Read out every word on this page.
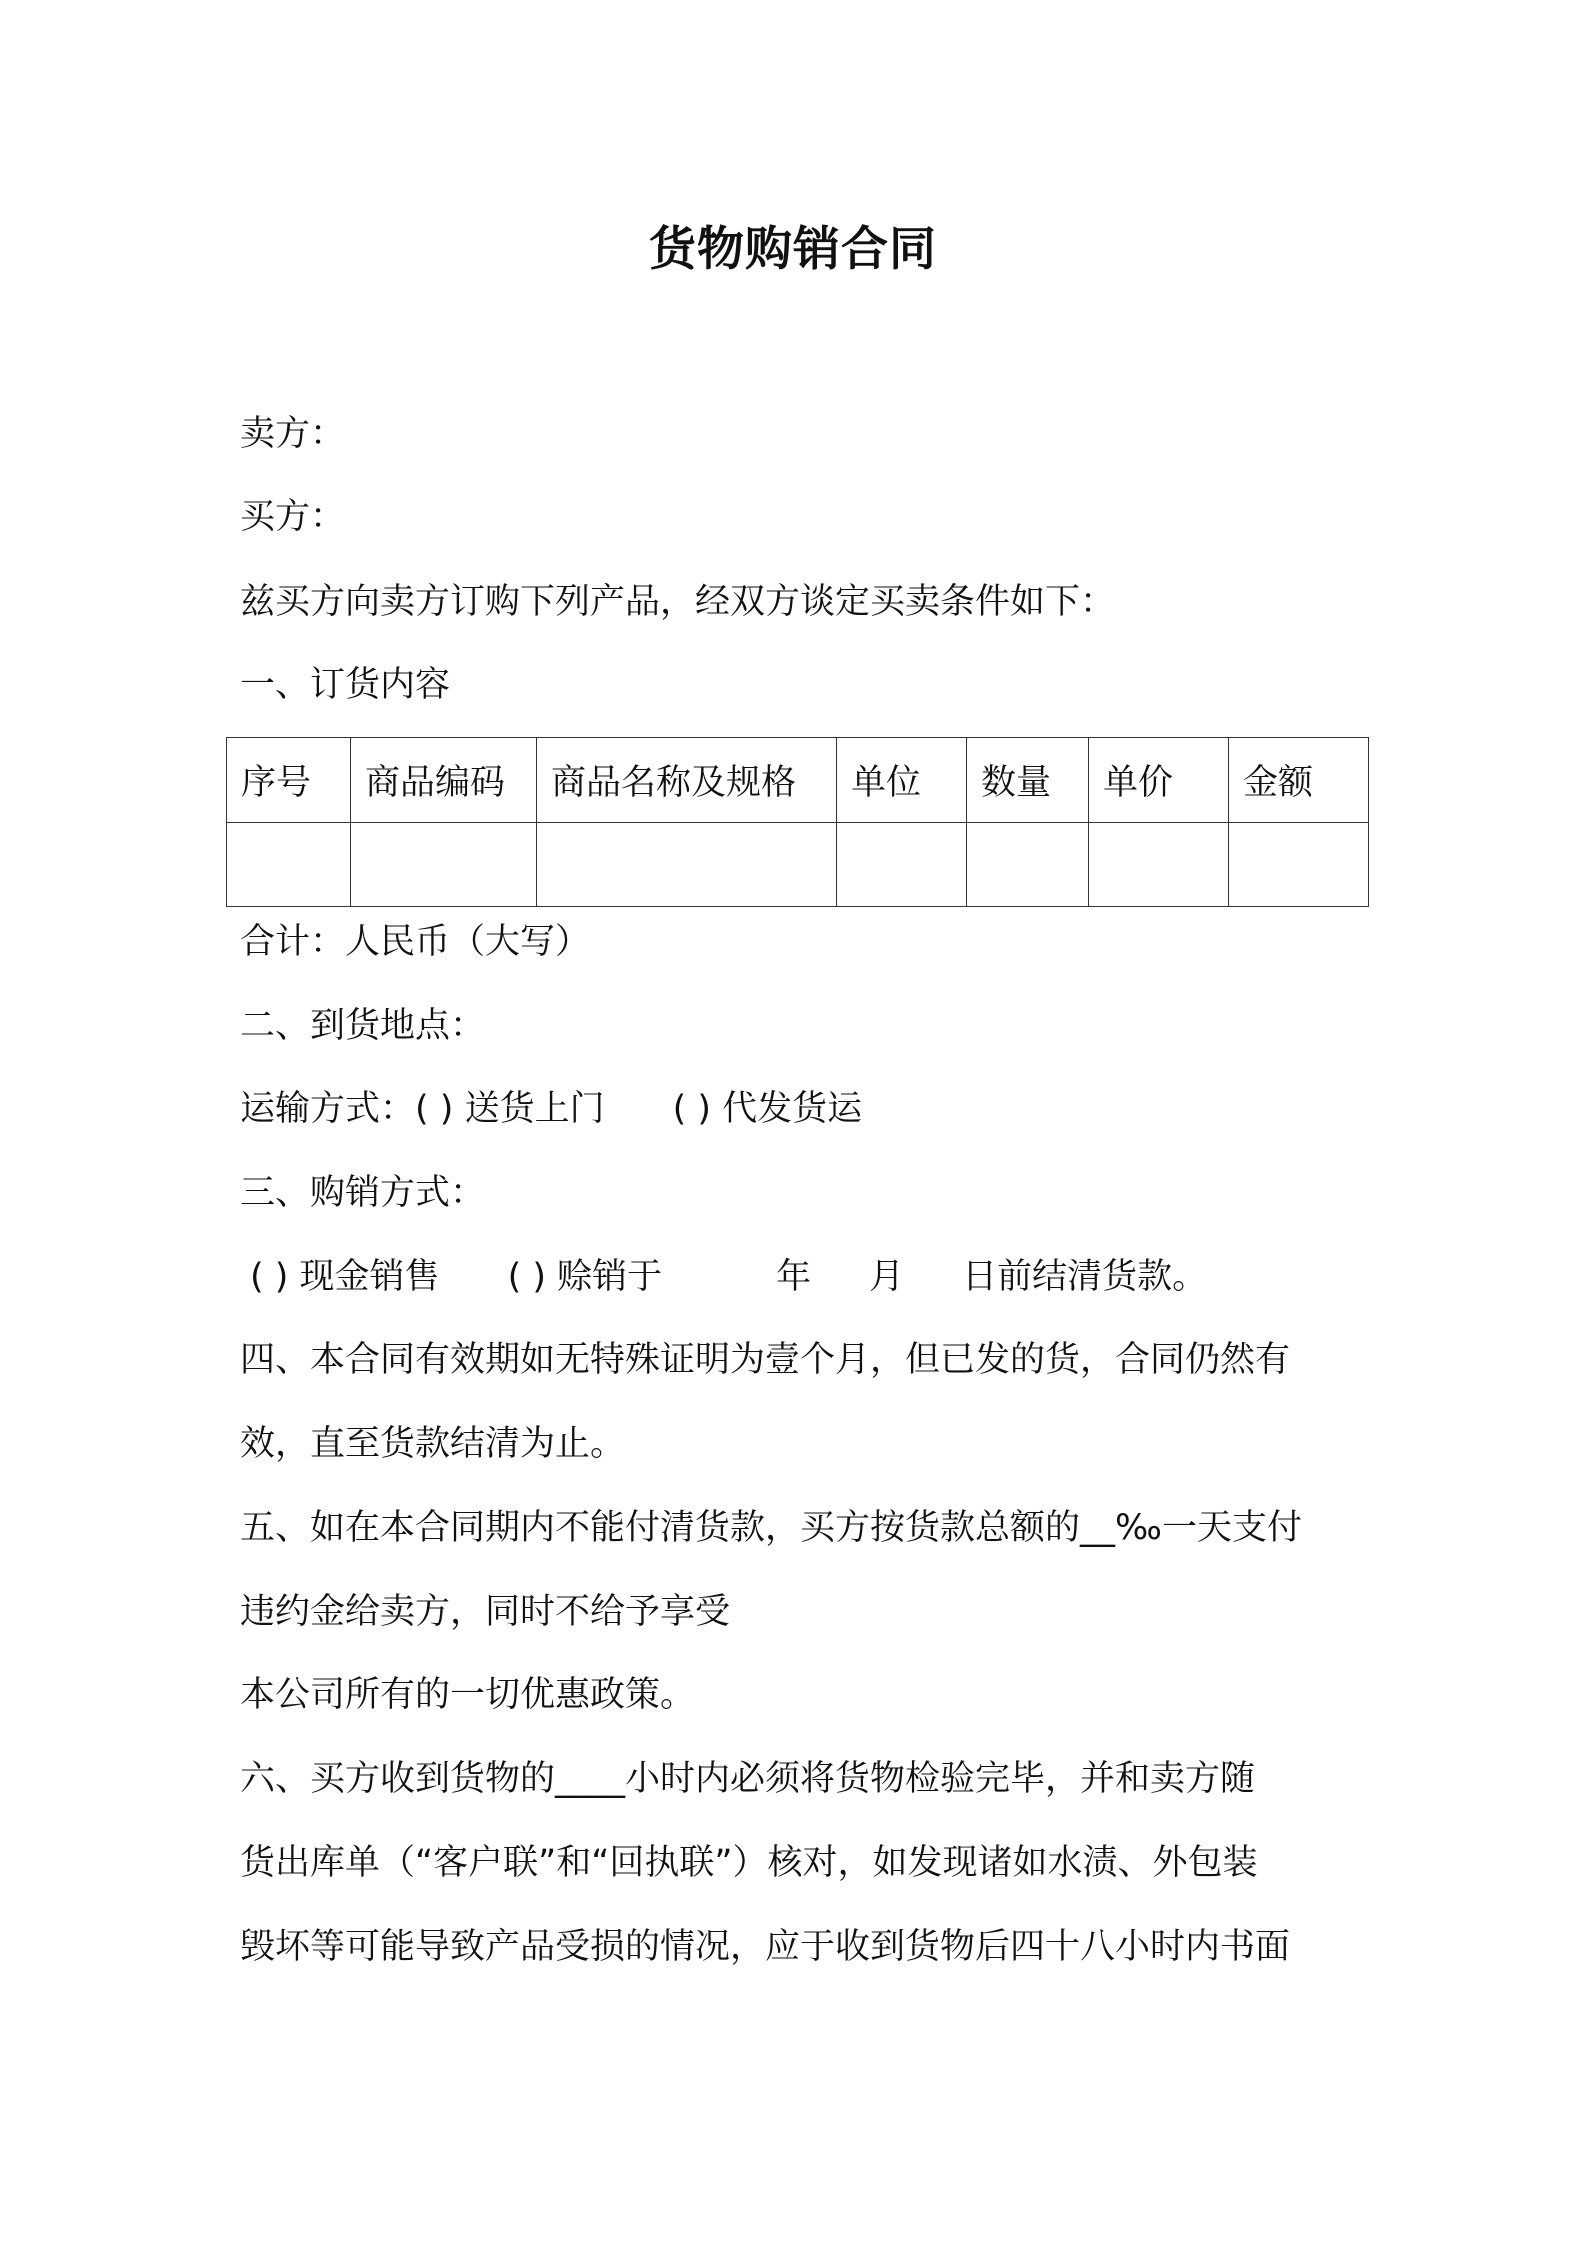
货物购销合同
卖方：
买方：
兹买方向卖方订购下列产品，经双方谈定买卖条件如下：
一、订货内容
序号	商品编码	商品名称及规格	单位	数量	单价	金额

合计：人民币（大写）
二、到货地点：
运输方式：( ) 送货上门 ( ) 代发货运
三、购销方式：
( ) 现金销售 ( ) 赊销于	年 月 日前结清货款。
四、本合同有效期如无特殊证明为壹个月，但已发的货，合同仍然有
效，直至货款结清为止。
五、如在本合同期内不能付清货款，买方按货款总额的__‰一天支付
违约金给卖方，同时不给予享受
本公司所有的一切优惠政策。
六、买方收到货物的____小时内必须将货物检验完毕，并和卖方随
货出库单（“客户联”和“回执联”）核对，如发现诸如水渍、外包装
毁坏等可能导致产品受损的情况，应于收到货物后四十八小时内书面
